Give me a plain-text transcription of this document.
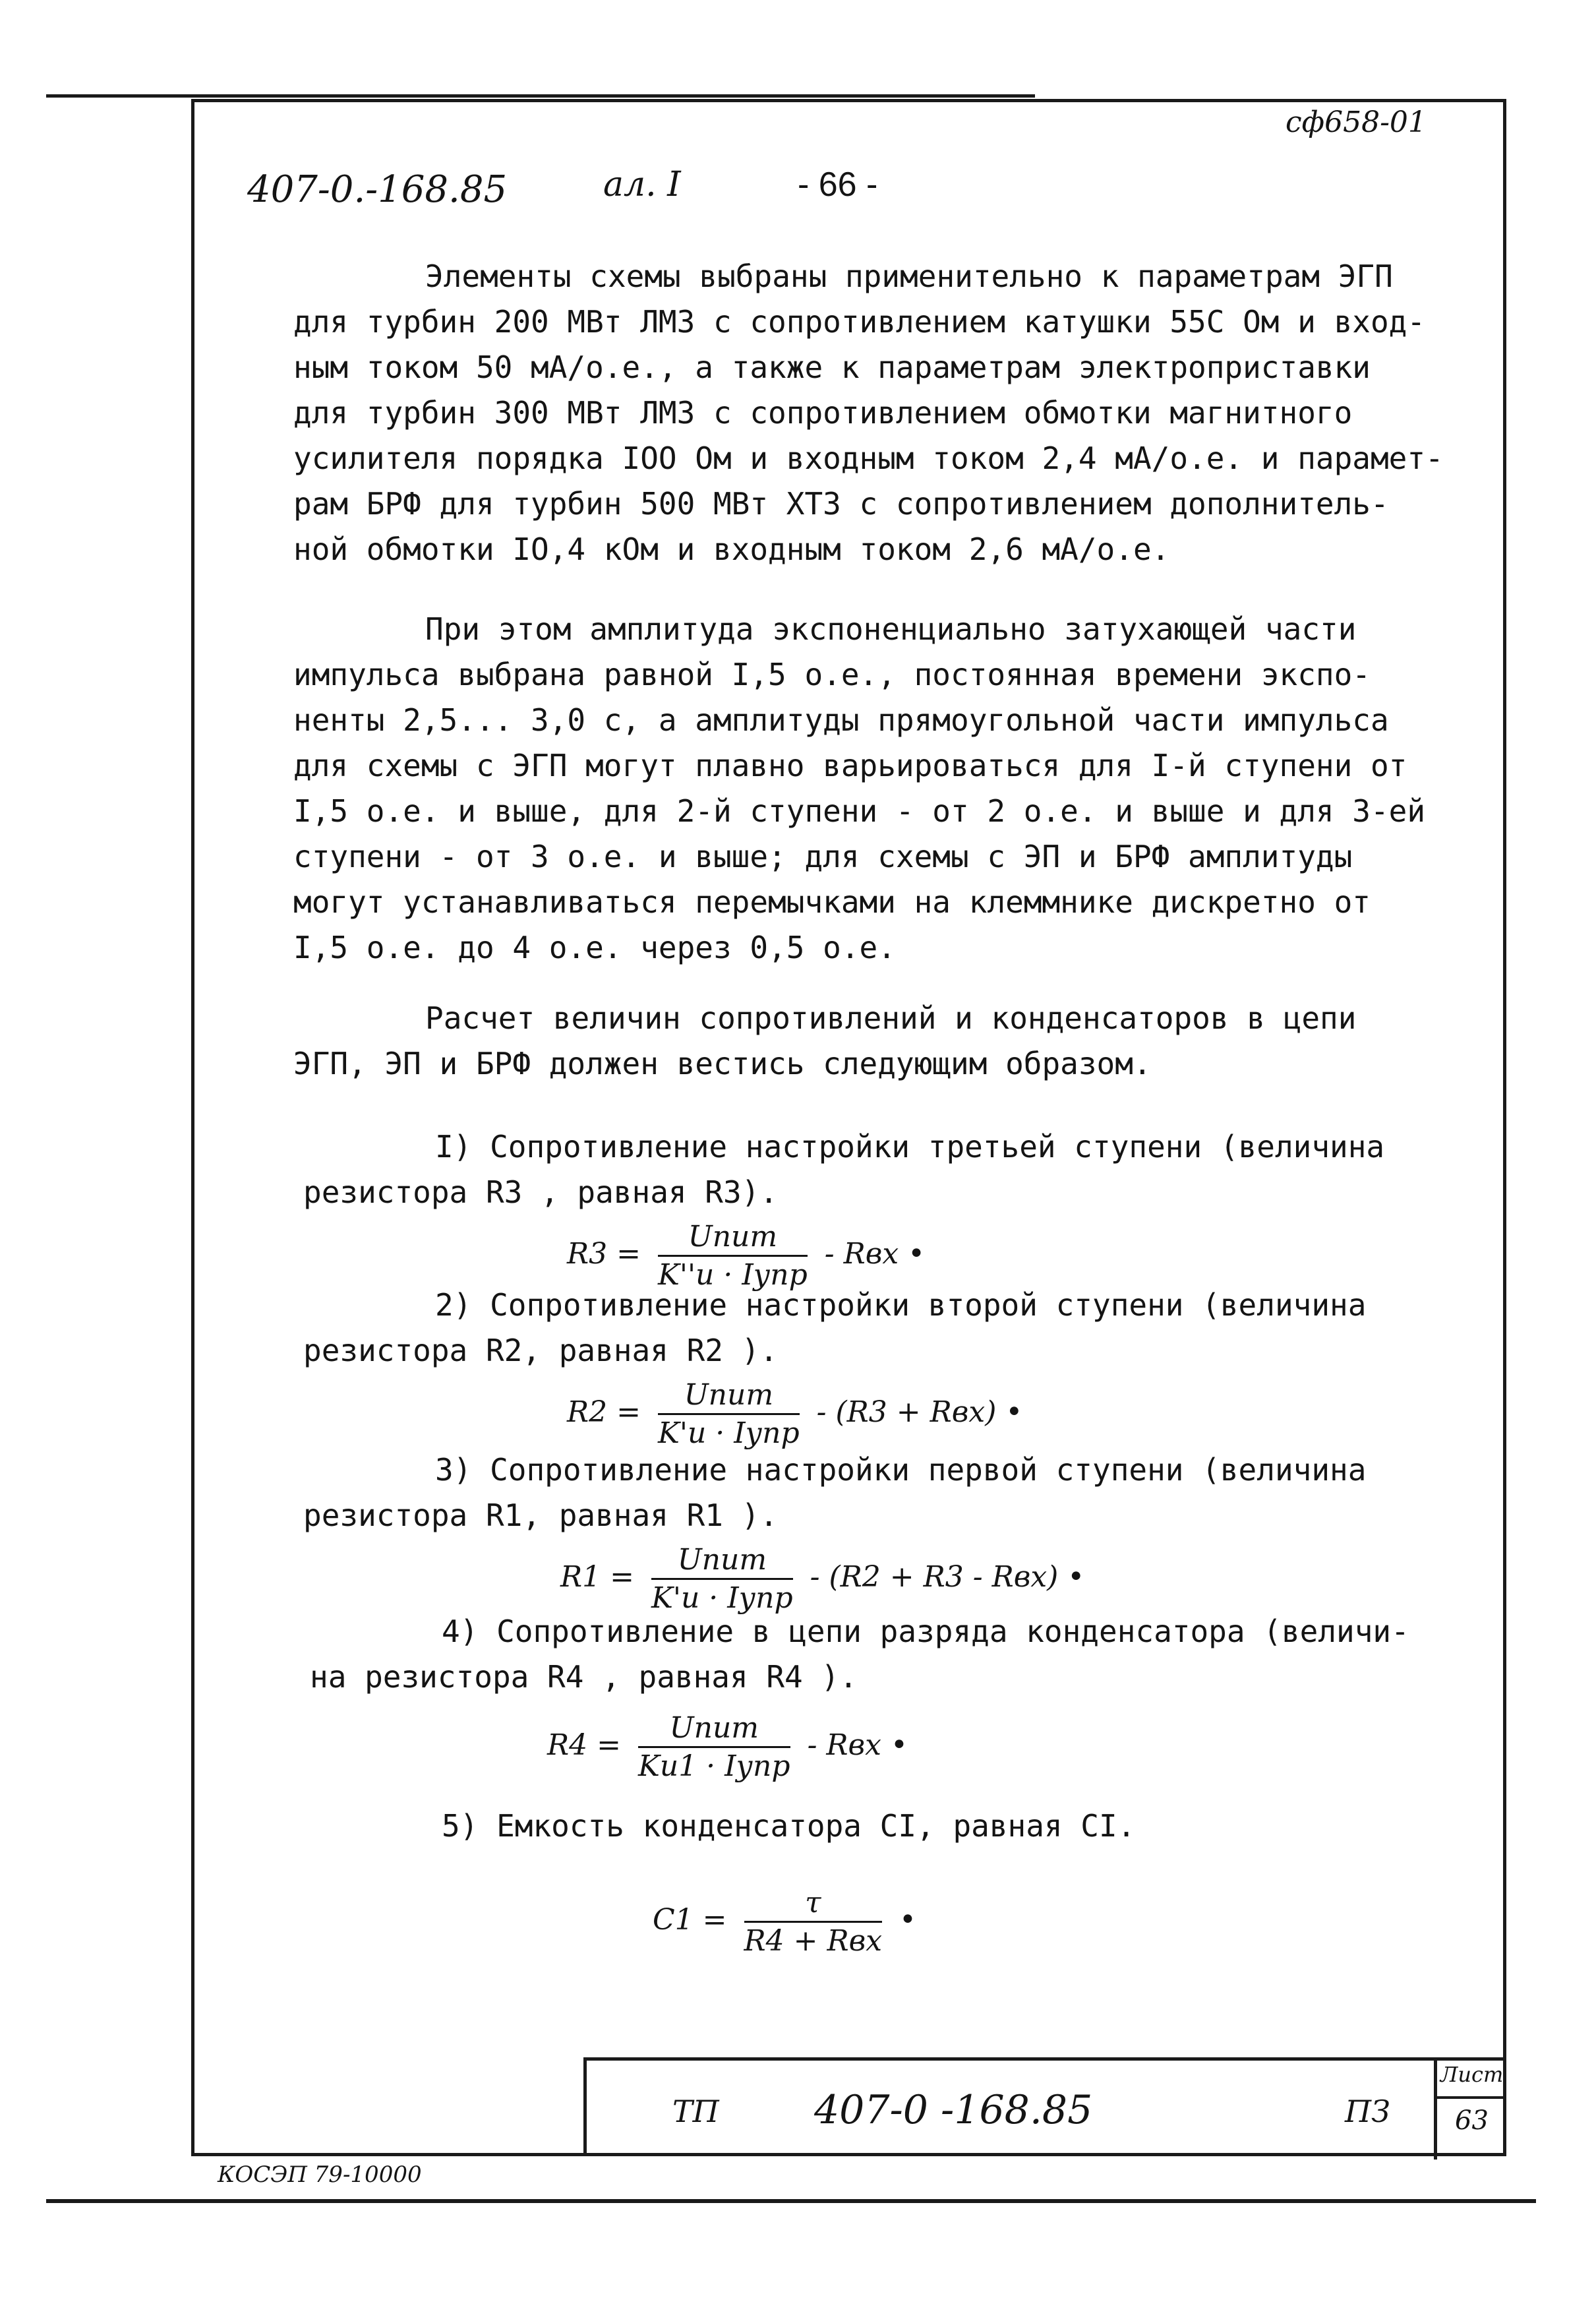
сф658-01
407-0.-168.85	ал. I	- 66 -

Элементы схемы выбраны применительно к параметрам ЭГП

для турбин 200 МВт ЛМЗ с сопротивлением катушки 55С Ом и вход-

ным током 50 мА/о.е., а также к параметрам электроприставки

для турбин 300 МВт ЛМЗ с сопротивлением обмотки магнитного

усилителя порядка IOO Ом и входным током 2,4 мА/о.е. и парамет-

рам БРФ для турбин 500 МВт ХТЗ с сопротивлением дополнитель-

ной обмотки IO,4 кОм и входным током 2,6 мА/о.е.

При этом амплитуда экспоненциально затухающей части

импульса выбрана равной I,5 о.е., постоянная времени экспо-

ненты 2,5... 3,0 с, а амплитуды прямоугольной части импульса

для схемы с ЭГП могут плавно варьироваться для I-й ступени от

I,5 о.е. и выше, для 2-й ступени - от 2 о.е. и выше и для 3-ей

ступени - от 3 о.е. и выше; для схемы с ЭП и БРФ амплитуды

могут устанавливаться перемычками на клеммнике дискретно от

I,5 о.е. до 4 о.е. через 0,5 о.е.

Расчет величин сопротивлений и конденсаторов в цепи

ЭГП, ЭП и БРФ должен вестись следующим образом.

I) Сопротивление настройки третьей ступени (величина

резистора R3 , равная R3).

$R3 = \frac{\text{Uпит}}{\text{K''и · Iупр}}$ - Rвх •

2) Сопротивление настройки второй ступени (величина

резистора R2, равная R2 ).

$R2 = \frac{\text{Uпит}}{\text{K'и · Iупр}} - (R3 + Rвх)$ •

3) Сопротивление настройки первой ступени (величина

резистора R1, равная R1 ).

$R1 = \frac{\text{Uпит}}{\text{K'и · Iупр}} - (R2 + R3 - Rвх)$ •

4) Сопротивление в цепи разряда конденсатора (величи-

на резистора R4 , равная R4 ).

$R4 = \frac{\text{Uпит}}{\text{Kи1 · Iупр}}$ - Rвх •

5) Емкость конденсатора CI, равная CI.

$C1 = \frac{\tau}{\text{R4 + Rвх}}$ •
ТП 407-0 -168.85	ПЗ
Лист
63
КОСЭП 79-10000
